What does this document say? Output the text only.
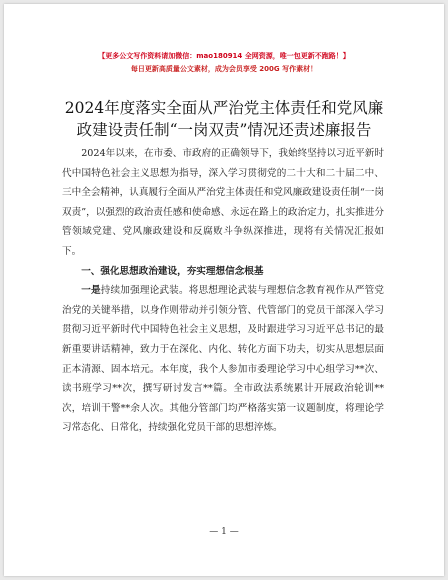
【更多公文写作资料请加微信：mao180914 全网资源，唯一包更新不跑路！】
每日更新高质量公文素材，成为会员享受 200G 写作素材！
2024年度落实全面从严治党主体责任和党风廉
政建设责任制“一岗双责”情况还责述廉报告

2024年以来，在市委、市政府的正确领导下，我始终坚持以习近平新时代中国特色社会主义思想为指导，深入学习贯彻党的二十大和二十届二中、三中全会精神，认真履行全面从严治党主体责任和党风廉政建设责任制“一岗双责”，以强烈的政治责任感和使命感、永远在路上的政治定力，扎实推进分管领域党建、党风廉政建设和反腐败斗争纵深推进，现将有关情况汇报如下。

一、强化思想政治建设，夯实理想信念根基

一是持续加强理论武装。将思想理论武装与理想信念教育视作从严管党治党的关键举措，以身作则带动并引领分管、代管部门的党员干部深入学习贯彻习近平新时代中国特色社会主义思想，及时跟进学习习近平总书记的最新重要讲话精神，致力于在深化、内化、转化方面下功夫，切实从思想层面正本清源、固本培元。本年度，我个人参加市委理论学习中心组学习**次、读书班学习**次，撰写研讨发言**篇。全市政法系统累计开展政治轮训**次，培训干警**余人次。其他分管部门均严格落实第一议题制度，将理论学习常态化、日常化，持续强化党员干部的思想淬炼。

— 1 —
